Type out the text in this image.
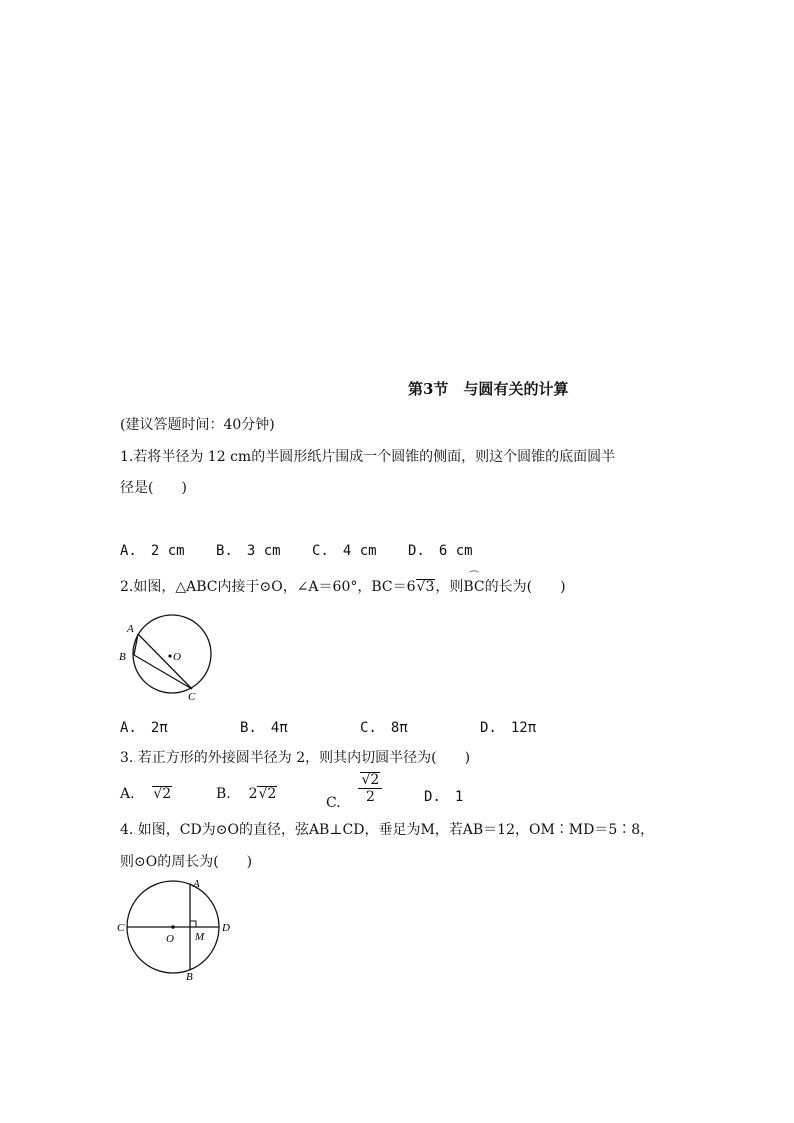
第3节　与圆有关的计算
(建议答题时间：40分钟)
1.若将半径为 12 cm的半圆形纸片围成一个圆锥的侧面，则这个圆锥的底面圆半
径是(　　)
A.　2 cm B.　3 cm C.　4 cm D.　6 cm
2.如图，△ABC内接于⊙O，∠A＝60°，BC＝6√3，则⌒ BC的长为(　　)
A
B	O
C
A.　2π	B.　4π	C.　8π	D.　12π
3. 若正方形的外接圆半径为 2，则其内切圆半径为(　　)
A. √2	B. 2√2
C. $\frac{√2}{2}$	D.　1
4. 如图，CD为⊙O的直径，弦AB⊥CD，垂足为M，若AB＝12，OM∶MD＝5∶8，
则⊙O的周长为(　　)
A
C
O M
D
B
